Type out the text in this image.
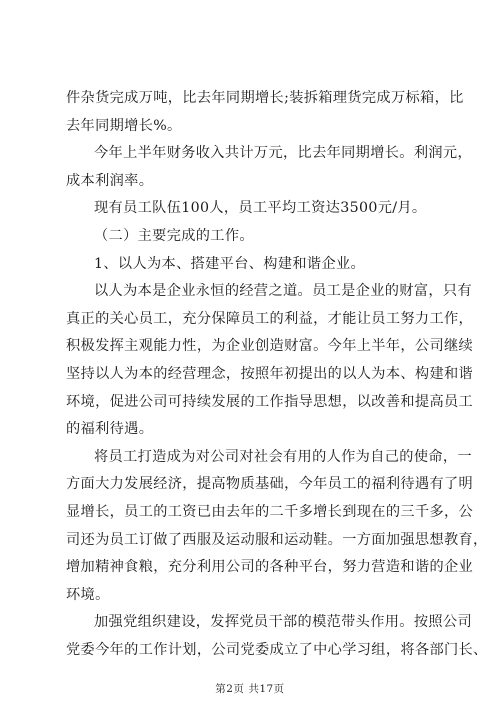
件杂货完成万吨，比去年同期增长;装拆箱理货完成万标箱，比
去年同期增长%。
今年上半年财务收入共计万元，比去年同期增长。利润元，
成本利润率。
现有员工队伍100人，员工平均工资达3500元/月。
（二）主要完成的工作。
1、以人为本、搭建平台、构建和谐企业。
以人为本是企业永恒的经营之道。员工是企业的财富，只有
真正的关心员工，充分保障员工的利益，才能让员工努力工作，
积极发挥主观能力性，为企业创造财富。今年上半年，公司继续
坚持以人为本的经营理念，按照年初提出的以人为本、构建和谐
环境，促进公司可持续发展的工作指导思想，以改善和提高员工
的福利待遇。
将员工打造成为对公司对社会有用的人作为自己的使命，一
方面大力发展经济，提高物质基础，今年员工的福利待遇有了明
显增长，员工的工资已由去年的二千多增长到现在的三千多，公
司还为员工订做了西服及运动服和运动鞋。一方面加强思想教育，
增加精神食粮，充分利用公司的各种平台，努力营造和谐的企业
环境。
加强党组织建设，发挥党员干部的模范带头作用。按照公司
第2页 共17页
党委今年的工作计划，公司党委成立了中心学习组，将各部门长、
